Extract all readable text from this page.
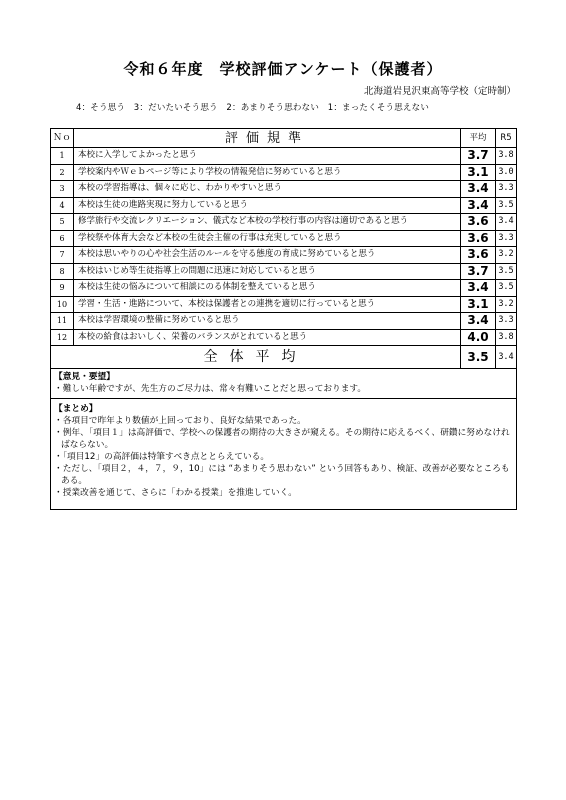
令和６年度　学校評価アンケート（保護者）
北海道岩見沢東高等学校（定時制）
4：そう思う　3：だいたいそう思う　2：あまりそう思わない　1：まったくそう思えない
Ｎｏ	評価規準	平均	R5
1	本校に入学してよかったと思う	3.7	3.8
2	学校案内やＷｅｂページ等により学校の情報発信に努めていると思う	3.1	3.0
3	本校の学習指導は、個々に応じ、わかりやすいと思う	3.4	3.3
4	本校は生徒の進路実現に努力していると思う	3.4	3.5
5	修学旅行や交流レクリエーション、儀式など本校の学校行事の内容は適切であると思う	3.6	3.4
6	学校祭や体育大会など本校の生徒会主催の行事は充実していると思う	3.6	3.3
7	本校は思いやりの心や社会生活のルールを守る態度の育成に努めていると思う	3.6	3.2
8	本校はいじめ等生徒指導上の問題に迅速に対応していると思う	3.7	3.5
9	本校は生徒の悩みについて相談にのる体制を整えていると思う	3.4	3.5
10	学習・生活・進路について、本校は保護者との連携を適切に行っていると思う	3.1	3.2
11	本校は学習環境の整備に努めていると思う	3.4	3.3
12	本校の給食はおいしく、栄養のバランスがとれていると思う	4.0	3.8
全体平均		3.5	3.4
【意見・要望】
・難しい年齢ですが、先生方のご尽力は、常々有難いことだと思っております。
【まとめ】

・各項目で昨年より数値が上回っており、良好な結果であった。

・例年、「項目１」は高評価で、学校への保護者の期待の大きさが窺える。その期待に応えるべく、研鑽に努めなければならない。

・「項目12」の高評価は特筆すべき点ととらえている。

・ただし、「項目２，４，７，９，10」には “あまりそう思わない” という回答もあり、検証、改善が必要なところもある。

・授業改善を通じて、さらに「わかる授業」を推進していく。
